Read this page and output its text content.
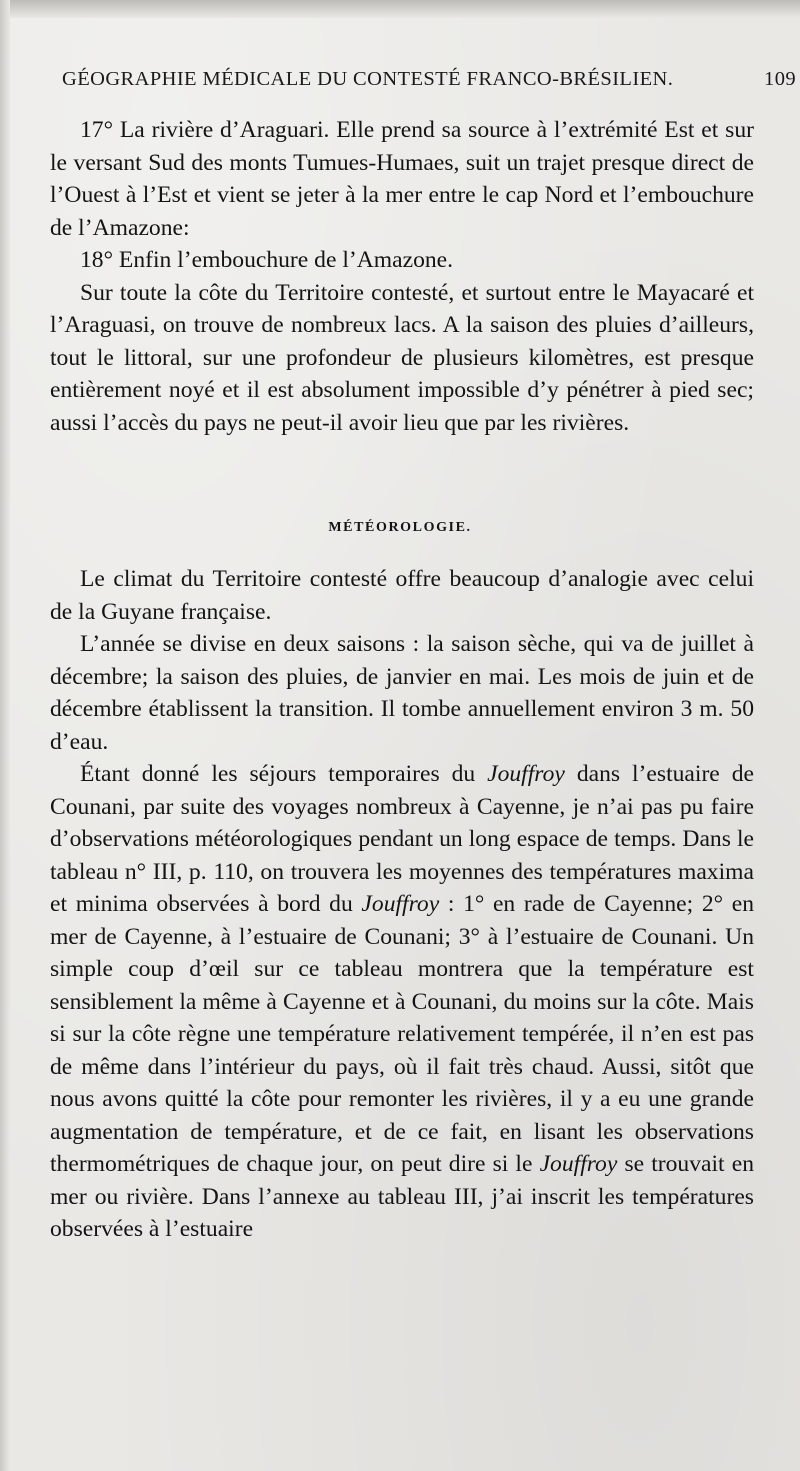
GÉOGRAPHIE MÉDICALE DU CONTESTÉ FRANCO-BRÉSILIEN.	109

17° La rivière d’Araguari. Elle prend sa source à l’extrémité Est et sur le versant Sud des monts Tumues-Humaes, suit un trajet presque direct de l’Ouest à l’Est et vient se jeter à la mer entre le cap Nord et l’embouchure de l’Amazone:

18° Enfin l’embouchure de l’Amazone.

Sur toute la côte du Territoire contesté, et surtout entre le Mayacaré et l’Araguasi, on trouve de nombreux lacs. A la saison des pluies d’ailleurs, tout le littoral, sur une profondeur de plusieurs kilomètres, est presque entièrement noyé et il est absolument impossible d’y pénétrer à pied sec; aussi l’accès du pays ne peut-il avoir lieu que par les rivières.

MÉTÉOROLOGIE.

Le climat du Territoire contesté offre beaucoup d’analogie avec celui de la Guyane française.

L’année se divise en deux saisons : la saison sèche, qui va de juillet à décembre; la saison des pluies, de janvier en mai. Les mois de juin et de décembre établissent la transition. Il tombe annuellement environ 3 m. 50 d’eau.

Étant donné les séjours temporaires du Jouffroy dans l’estuaire de Counani, par suite des voyages nombreux à Cayenne, je n’ai pas pu faire d’observations météorologiques pendant un long espace de temps. Dans le tableau n° III, p. 110, on trouvera les moyennes des températures maxima et minima observées à bord du Jouffroy : 1° en rade de Cayenne; 2° en mer de Cayenne, à l’estuaire de Counani; 3° à l’estuaire de Counani. Un simple coup d’œil sur ce tableau montrera que la température est sensiblement la même à Cayenne et à Counani, du moins sur la côte. Mais si sur la côte règne une température relativement tempérée, il n’en est pas de même dans l’intérieur du pays, où il fait très chaud. Aussi, sitôt que nous avons quitté la côte pour remonter les rivières, il y a eu une grande augmentation de température, et de ce fait, en lisant les observations thermométriques de chaque jour, on peut dire si le Jouffroy se trouvait en mer ou rivière. Dans l’annexe au tableau III, j’ai inscrit les températures observées à l’estuaire
